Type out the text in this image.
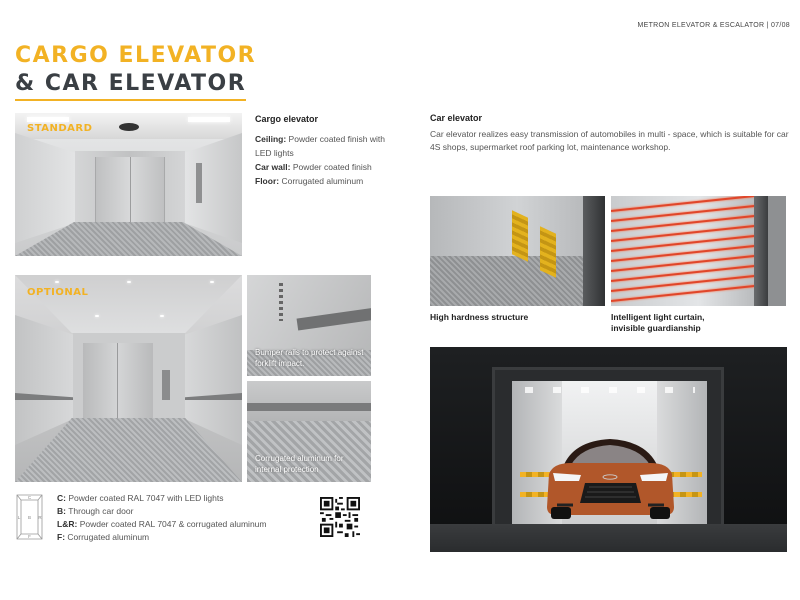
METRON ELEVATOR & ESCALATOR | 07/08
CARGO ELEVATOR
& CAR ELEVATOR
STANDARD
Cargo elevator
Ceiling: Powder coated finish with LED lights
Car wall: Powder coated finish
Floor: Corrugated aluminum
OPTIONAL
Bumper rails to protect against forklift impact.
Corrugated aluminum for internal protection
C
L B R
F
C: Powder coated RAL 7047 with LED lights
B: Through car door
L&R: Powder coated RAL 7047 & corrugated aluminum
F: Corrugated aluminum
Car elevator
Car elevator realizes easy transmission of automobiles in multi - space, which is suitable for car 4S shops, supermarket roof parking lot, maintenance workshop.
High hardness structure	Intelligent light curtain,
invisible guardianship
